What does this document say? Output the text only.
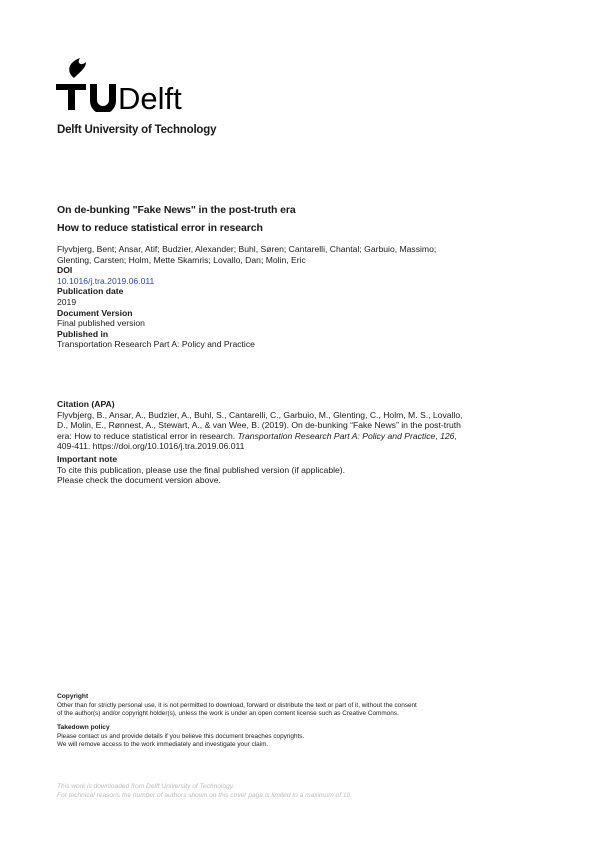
Delft
Delft University of Technology
On de-bunking "Fake News" in the post-truth era
How to reduce statistical error in research
Flyvbjerg, Bent; Ansar, Atif; Budzier, Alexander; Buhl, Søren; Cantarelli, Chantal; Garbuio, Massimo;
Glenting, Carsten; Holm, Mette Skamris; Lovallo, Dan; Molin, Eric
DOI
10.1016/j.tra.2019.06.011
Publication date
2019
Document Version
Final published version
Published in
Transportation Research Part A: Policy and Practice
Citation (APA)
Flyvbjerg, B., Ansar, A., Budzier, A., Buhl, S., Cantarelli, C., Garbuio, M., Glenting, C., Holm, M. S., Lovallo,
D., Molin, E., Rønnest, A., Stewart, A., & van Wee, B. (2019). On de-bunking “Fake News” in the post-truth
era: How to reduce statistical error in research. Transportation Research Part A: Policy and Practice, 126,
409-411. https://doi.org/10.1016/j.tra.2019.06.011
Important note
To cite this publication, please use the final published version (if applicable).
Please check the document version above.
Copyright
Other than for strictly personal use, it is not permitted to download, forward or distribute the text or part of it, without the consent
of the author(s) and/or copyright holder(s), unless the work is under an open content license such as Creative Commons.
Takedown policy
Please contact us and provide details if you believe this document breaches copyrights.
We will remove access to the work immediately and investigate your claim.
This work is downloaded from Delft University of Technology.
For technical reasons the number of authors shown on this cover page is limited to a maximum of 10.
